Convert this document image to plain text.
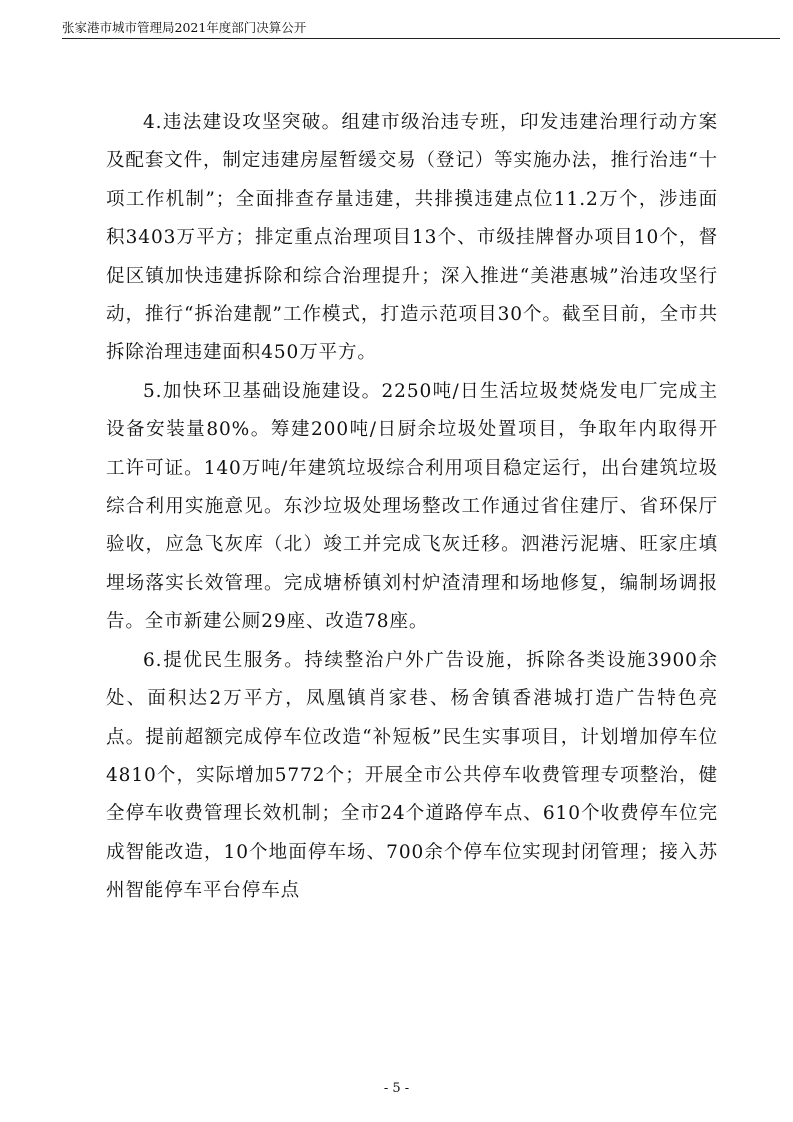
张家港市城市管理局2021年度部门决算公开

4.违法建设攻坚突破。组建市级治违专班，印发违建治理行动方案及配套文件，制定违建房屋暂缓交易（登记）等实施办法，推行治违“十项工作机制”；全面排查存量违建，共排摸违建点位11.2万个，涉违面积3403万平方；排定重点治理项目13个、市级挂牌督办项目10个，督促区镇加快违建拆除和综合治理提升；深入推进“美港惠城”治违攻坚行动，推行“拆治建靓”工作模式，打造示范项目30个。截至目前，全市共拆除治理违建面积450万平方。

5.加快环卫基础设施建设。2250吨/日生活垃圾焚烧发电厂完成主设备安装量80%。筹建200吨/日厨余垃圾处置项目，争取年内取得开工许可证。140万吨/年建筑垃圾综合利用项目稳定运行，出台建筑垃圾综合利用实施意见。东沙垃圾处理场整改工作通过省住建厅、省环保厅验收，应急飞灰库（北）竣工并完成飞灰迁移。泗港污泥塘、旺家庄填埋场落实长效管理。完成塘桥镇刘村炉渣清理和场地修复，编制场调报告。全市新建公厕29座、改造78座。

6.提优民生服务。持续整治户外广告设施，拆除各类设施3900余处、面积达2万平方，凤凰镇肖家巷、杨舍镇香港城打造广告特色亮点。提前超额完成停车位改造“补短板”民生实事项目，计划增加停车位4810个，实际增加5772个；开展全市公共停车收费管理专项整治，健全停车收费管理长效机制；全市24个道路停车点、610个收费停车位完成智能改造，10个地面停车场、700余个停车位实现封闭管理；接入苏州智能停车平台停车点

- 5 -
